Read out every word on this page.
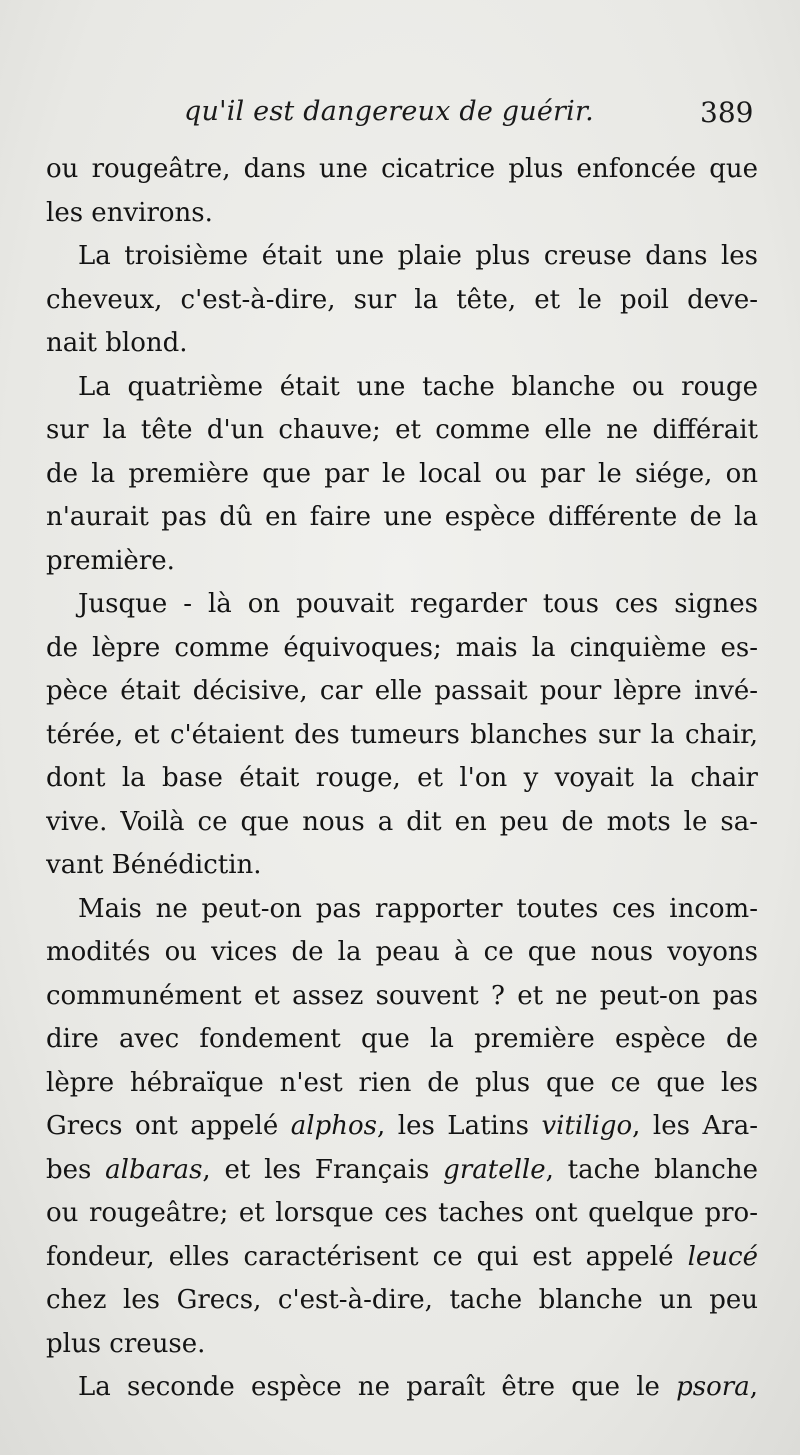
qu'il est dangereux de guérir.	389
ou rougeâtre, dans une cicatrice plus enfoncée que
les environs.
La troisième était une plaie plus creuse dans les
cheveux, c'est-à-dire, sur la tête, et le poil deve-
nait blond.
La quatrième était une tache blanche ou rouge
sur la tête d'un chauve; et comme elle ne différait
de la première que par le local ou par le siége, on
n'aurait pas dû en faire une espèce différente de la
première.
Jusque - là on pouvait regarder tous ces signes
de lèpre comme équivoques; mais la cinquième es-
pèce était décisive, car elle passait pour lèpre invé-
térée, et c'étaient des tumeurs blanches sur la chair,
dont la base était rouge, et l'on y voyait la chair
vive. Voilà ce que nous a dit en peu de mots le sa-
vant Bénédictin.
Mais ne peut-on pas rapporter toutes ces incom-
modités ou vices de la peau à ce que nous voyons
communément et assez souvent ? et ne peut-on pas
dire avec fondement que la première espèce de
lèpre hébraïque n'est rien de plus que ce que les
Grecs ont appelé alphos, les Latins vitiligo, les Ara-
bes albaras, et les Français gratelle, tache blanche
ou rougeâtre; et lorsque ces taches ont quelque pro-
fondeur, elles caractérisent ce qui est appelé leucé
chez les Grecs, c'est-à-dire, tache blanche un peu
plus creuse.
La seconde espèce ne paraît être que le psora,
